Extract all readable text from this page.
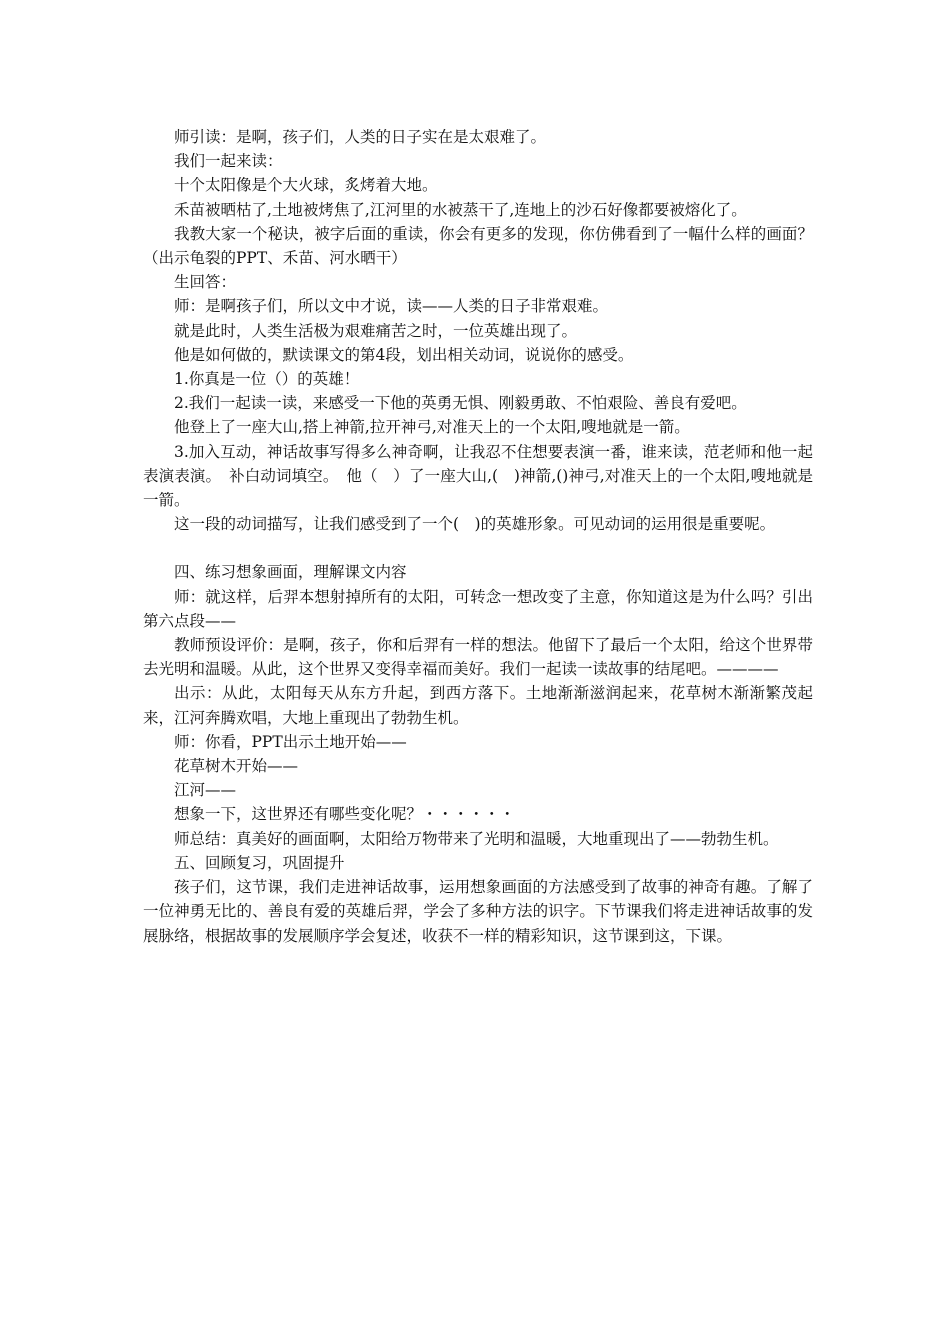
师引读：是啊，孩子们，人类的日子实在是太艰难了。

我们一起来读：

十个太阳像是个大火球，炙烤着大地。

禾苗被晒枯了,土地被烤焦了,江河里的水被蒸干了,连地上的沙石好像都要被熔化了。

我教大家一个秘诀，被字后面的重读，你会有更多的发现，你仿佛看到了一幅什么样的画面？（出示龟裂的PPT、禾苗、河水晒干）

生回答：

师：是啊孩子们，所以文中才说，读——人类的日子非常艰难。

就是此时，人类生活极为艰难痛苦之时，一位英雄出现了。

他是如何做的，默读课文的第4段，划出相关动词，说说你的感受。

1.你真是一位（）的英雄！

2.我们一起读一读，来感受一下他的英勇无惧、刚毅勇敢、不怕艰险、善良有爱吧。

他登上了一座大山,搭上神箭,拉开神弓,对准天上的一个太阳,嗖地就是一箭。

3.加入互动，神话故事写得多么神奇啊，让我忍不住想要表演一番，谁来读，范老师和他一起表演表演。　补白动词填空。　他（　）了一座大山,(　)神箭,()神弓,对准天上的一个太阳,嗖地就是一箭。

这一段的动词描写，让我们感受到了一个(　)的英雄形象。可见动词的运用很是重要呢。

四、练习想象画面，理解课文内容

师：就这样，后羿本想射掉所有的太阳，可转念一想改变了主意，你知道这是为什么吗？引出第六点段——

教师预设评价：是啊，孩子，你和后羿有一样的想法。他留下了最后一个太阳，给这个世界带去光明和温暖。从此，这个世界又变得幸福而美好。我们一起读一读故事的结尾吧。————

出示：从此，太阳每天从东方升起，到西方落下。土地渐渐滋润起来，花草树木渐渐繁茂起来，江河奔腾欢唱，大地上重现出了勃勃生机。

师：你看，PPT出示土地开始——

花草树木开始——

江河——

想象一下，这世界还有哪些变化呢？・・・・・・

师总结：真美好的画面啊，太阳给万物带来了光明和温暖，大地重现出了——勃勃生机。

五、回顾复习，巩固提升

孩子们，这节课，我们走进神话故事，运用想象画面的方法感受到了故事的神奇有趣。了解了一位神勇无比的、善良有爱的英雄后羿，学会了多种方法的识字。下节课我们将走进神话故事的发展脉络，根据故事的发展顺序学会复述，收获不一样的精彩知识，这节课到这，下课。
